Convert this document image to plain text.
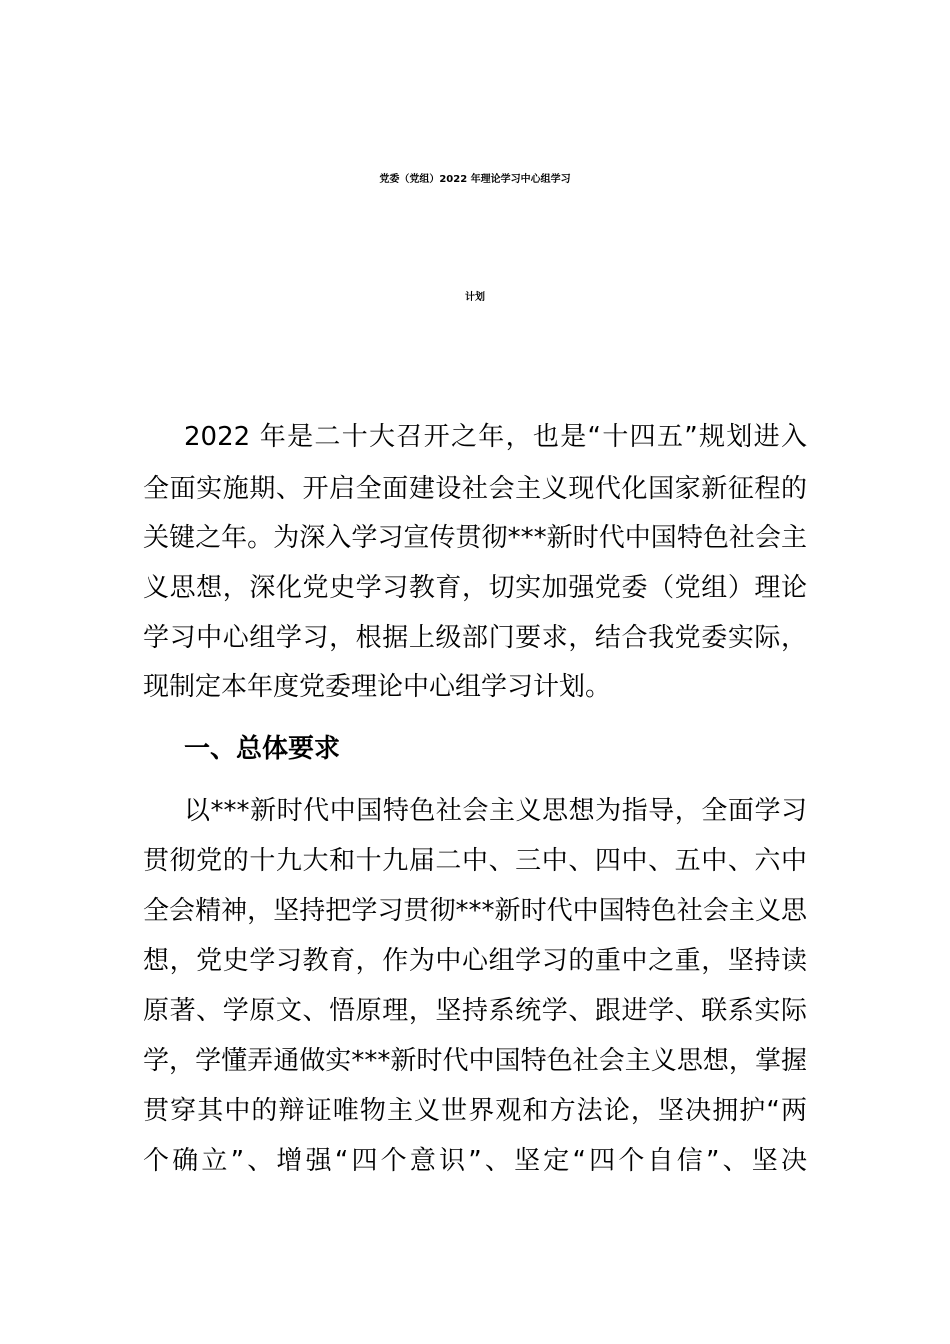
党委（党组）2022 年理论学习中心组学习
计划
2022 年是二十大召开之年，也是“十四五”规划进入
全面实施期、开启全面建设社会主义现代化国家新征程的
关键之年。为深入学习宣传贯彻***新时代中国特色社会主
义思想，深化党史学习教育，切实加强党委（党组）理论
学习中心组学习，根据上级部门要求，结合我党委实际，
现制定本年度党委理论中心组学习计划。
一、总体要求
以***新时代中国特色社会主义思想为指导，全面学习
贯彻党的十九大和十九届二中、三中、四中、五中、六中
全会精神，坚持把学习贯彻***新时代中国特色社会主义思
想，党史学习教育，作为中心组学习的重中之重，坚持读
原著、学原文、悟原理，坚持系统学、跟进学、联系实际
学，学懂弄通做实***新时代中国特色社会主义思想，掌握
贯穿其中的辩证唯物主义世界观和方法论，坚决拥护“两
个确立”、增强“四个意识”、坚定“四个自信”、坚决
